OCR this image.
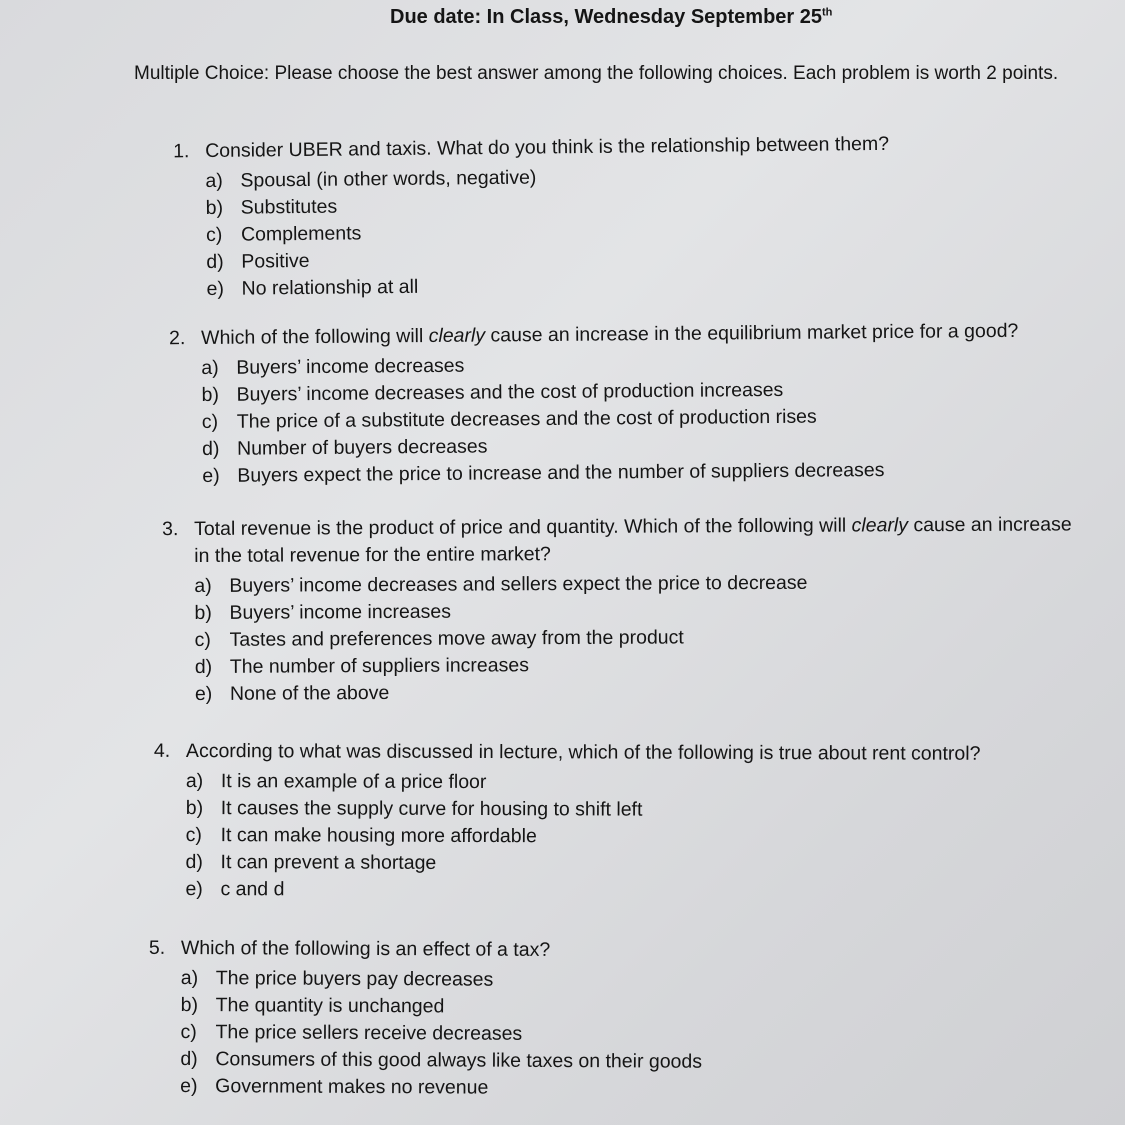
Due date: In Class, Wednesday September 25th
Multiple Choice: Please choose the best answer among the following choices. Each problem is worth 2 points.
1. Consider UBER and taxis. What do you think is the relationship between them?
a) Spousal (in other words, negative)
b) Substitutes
c) Complements
d) Positive
e) No relationship at all
2. Which of the following will clearly cause an increase in the equilibrium market price for a good?
a) Buyers’ income decreases
b) Buyers’ income decreases and the cost of production increases
c) The price of a substitute decreases and the cost of production rises
d) Number of buyers decreases
e) Buyers expect the price to increase and the number of suppliers decreases
3. Total revenue is the product of price and quantity. Which of the following will clearly cause an increase in the total revenue for the entire market?
a) Buyers’ income decreases and sellers expect the price to decrease
b) Buyers’ income increases
c) Tastes and preferences move away from the product
d) The number of suppliers increases
e) None of the above
4. According to what was discussed in lecture, which of the following is true about rent control?
a) It is an example of a price floor
b) It causes the supply curve for housing to shift left
c) It can make housing more affordable
d) It can prevent a shortage
e) c and d
5. Which of the following is an effect of a tax?
a) The price buyers pay decreases
b) The quantity is unchanged
c) The price sellers receive decreases
d) Consumers of this good always like taxes on their goods
e) Government makes no revenue
